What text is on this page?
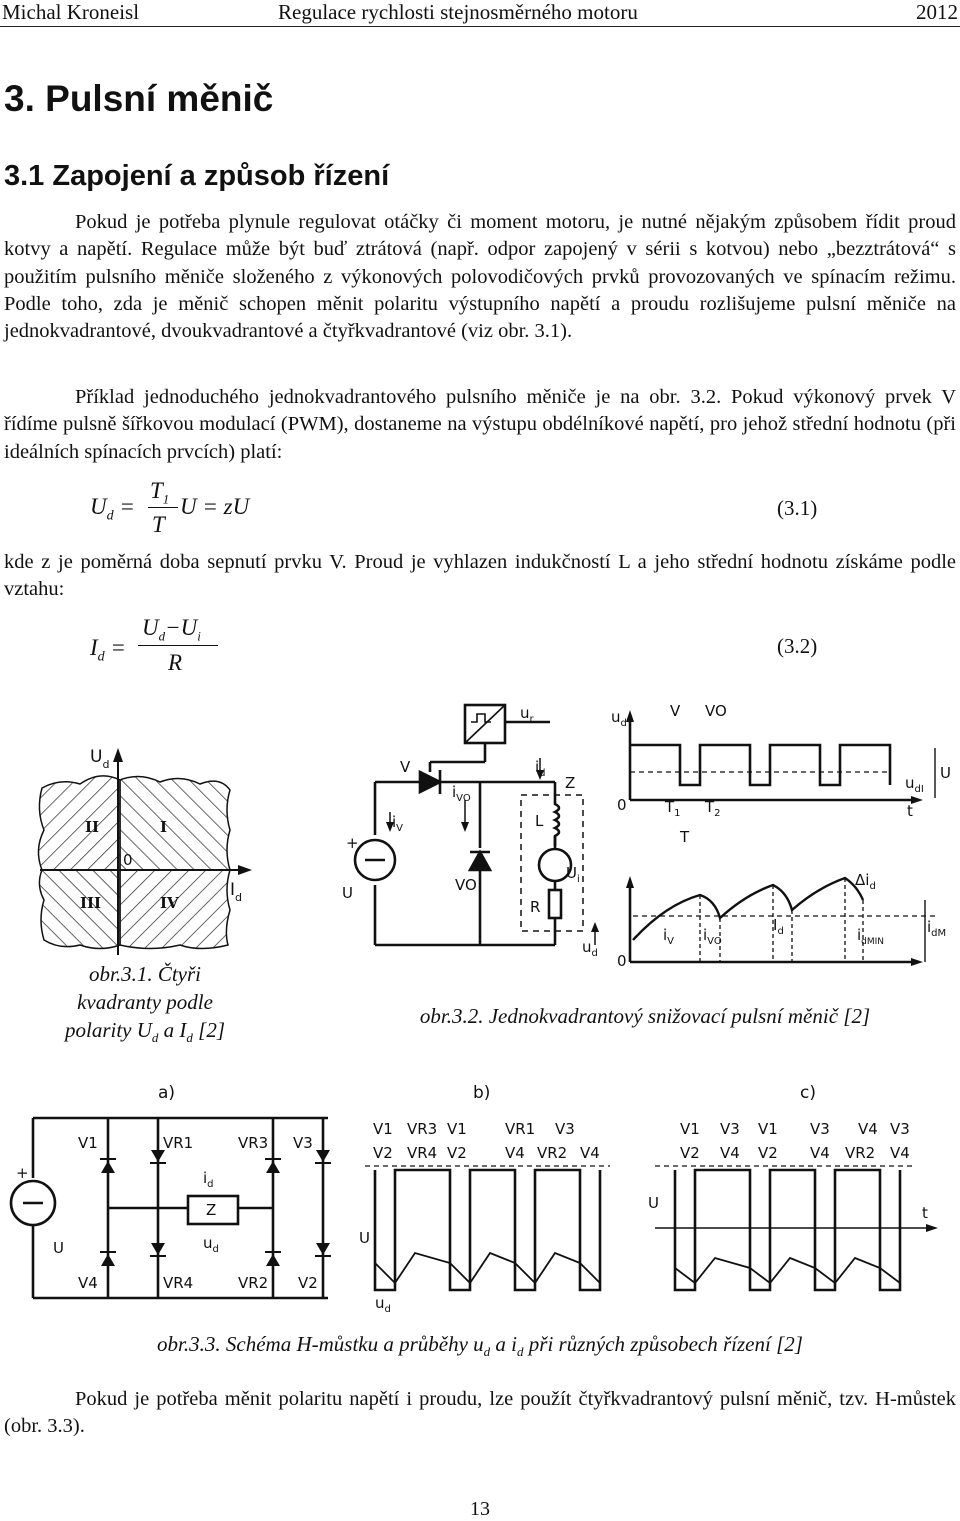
Michal Kroneisl	Regulace rychlosti stejnosměrného motoru	2012
3. Pulsní měnič
3.1 Zapojení a způsob řízení

Pokud je potřeba plynule regulovat otáčky či moment motoru, je nutné nějakým způsobem řídit proud kotvy a napětí. Regulace může být buď ztrátová (např. odpor zapojený v sérii s kotvou) nebo „bezztrátová“ s použitím pulsního měniče složeného z výkonových polovodičových prvků provozovaných ve spínacím režimu. Podle toho, zda je měnič schopen měnit polaritu výstupního napětí a proudu rozlišujeme pulsní měniče na jednokvadrantové, dvoukvadrantové a čtyřkvadrantové (viz obr. 3.1).

Příklad jednoduchého jednokvadrantového pulsního měniče je na obr. 3.2. Pokud výkonový prvek V řídíme pulsně šířkovou modulací (PWM), dostaneme na výstupu obdélníkové napětí, pro jehož střední hodnotu (při ideálních spínacích prvcích) platí:

$U_d$ =
$T_1$
T
U = zU	(3.1)

kde z je poměrná doba sepnutí prvku V. Proud je vyhlazen indukčností L a jeho střední hodnotu získáme podle vztahu:

$I_d$ =
$U_d-U_i$
R
(3.2)
$U_d$
$I_d$
II	I
III	IV
0
obr.3.1. Čtyři
kvadranty podle
polarity $U_d$ a $I_d$ [2]
$u_r$
V	$i_d$
Z
$i_{VO}$
$i_V$	L
VO
$U_i$
R
U
+
$u_d$
$u_d$
V VO
U
$u_{dI}$
0	$T_1$ $T_2$
T
t
$\Delta i_d$
$i_V$ $i_{VO}$
$I_d$	$i_{dMIN}$
$i_{dM}$
0
obr.3.2. Jednokvadrantový snižovací pulsní měnič [2]
a)
V1	VR1	VR3 V3
V4	VR4	VR2 V2
Z
$i_d$
$u_d$
U
+
b)
V1 VR3 V1	VR1 V3
V2 VR4 V2	V4 VR2 V4
U
$u_d$
c)
V1 V3 V1 V3 V4 V3
V2 V4 V2 V4 VR2 V4
U
t
obr.3.3. Schéma H-můstku a průběhy $u_d$ a $i_d$ při různých způsobech řízení [2]

Pokud je potřeba měnit polaritu napětí i proudu, lze použít čtyřkvadrantový pulsní měnič, tzv. H-můstek (obr. 3.3).

13
